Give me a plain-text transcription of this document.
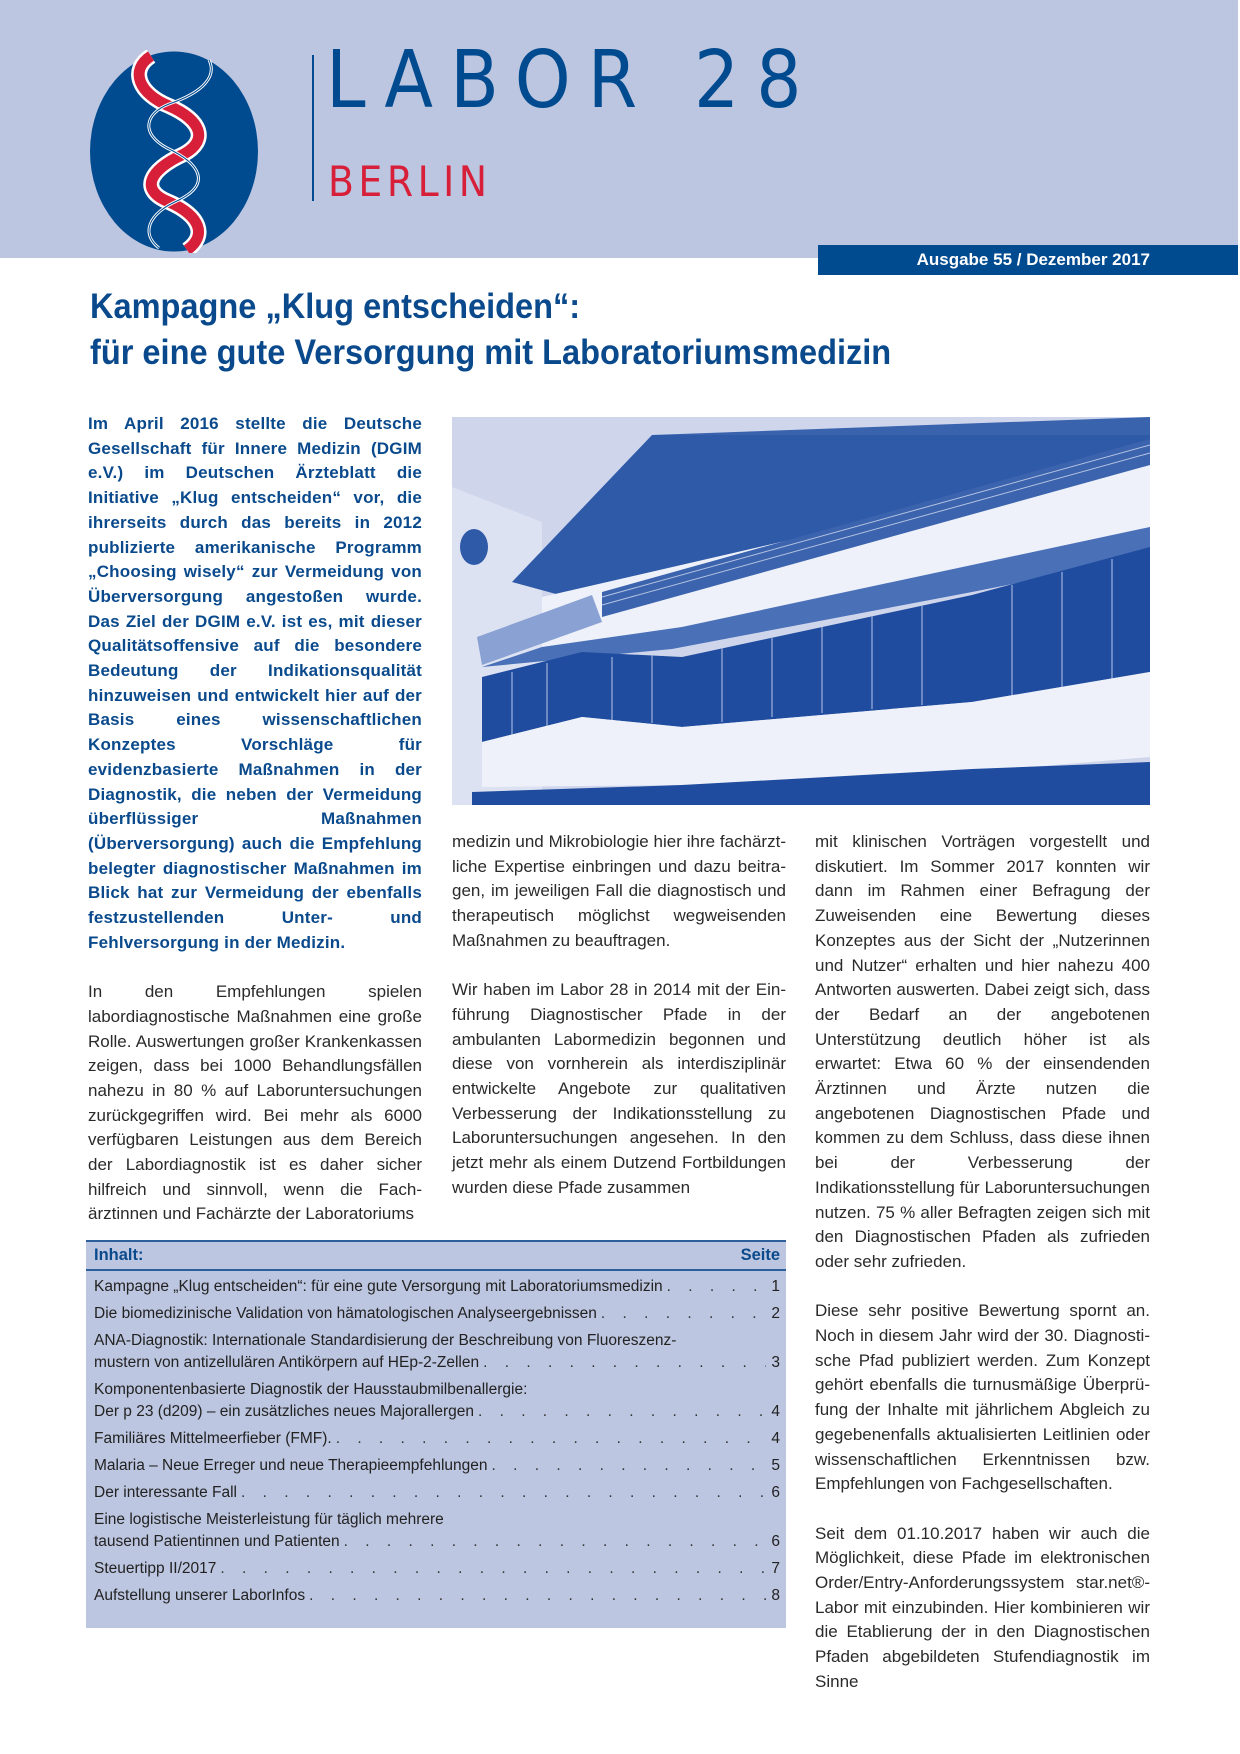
LABOR 28
BERLIN
Ausgabe 55 / Dezember 2017
Kampagne „Klug entscheiden“:
für eine gute Versorgung mit Laboratoriumsmedizin

Im April 2016 stellte die Deutsche Gesellschaft für Innere Medizin (DGIM e.V.) im Deutschen Ärzteblatt die Initiative „Klug entscheiden“ vor, die ihrerseits durch das bereits in 2012 publizierte amerikanische Programm „Choosing wisely“ zur Vermeidung von Überversorgung angestoßen wurde. Das Ziel der DGIM e.V. ist es, mit dieser Qualitätsoffensive auf die besondere Bedeutung der Indikationsqualität hinzuweisen und entwickelt hier auf der Basis eines wissenschaftlichen Konzeptes Vorschläge für evidenzbasierte Maßnahmen in der Diagnostik, die neben der Vermeidung überflüssiger Maßnahmen (Überversorgung) auch die Empfehlung belegter diagnostischer Maßnahmen im Blick hat zur Vermeidung der ebenfalls festzustellenden Unter- und Fehlversorgung in der Medizin.

In den Empfehlungen spielen labordiagnostische Maßnahmen eine große Rolle. Auswertungen großer Krankenkassen zeigen, dass bei 1000 Behandlungsfällen nahezu in 80 % auf Laboruntersuchungen zurückgegriffen wird. Bei mehr als 6000 verfügbaren Leistungen aus dem Bereich der Labordiagnostik ist es daher sicher hilfreich und sinnvoll, wenn die Fachärztinnen und Fachärzte der Laboratoriums

medizin und Mikrobiologie hier ihre fachärztliche Expertise einbringen und dazu beitragen, im jeweiligen Fall die diagnostisch und therapeutisch möglichst wegweisenden Maßnahmen zu beauftragen.

Wir haben im Labor 28 in 2014 mit der Einführung Diagnostischer Pfade in der ambulanten Labormedizin begonnen und diese von vornherein als interdisziplinär entwickelte Angebote zur qualitativen Verbesserung der Indikationsstellung zu Laboruntersuchungen angesehen. In den jetzt mehr als einem Dutzend Fortbildungen wurden diese Pfade zusammen

mit klinischen Vorträgen vorgestellt und diskutiert. Im Sommer 2017 konnten wir dann im Rahmen einer Befragung der Zuweisenden eine Bewertung dieses Konzeptes aus der Sicht der „Nutzerinnen und Nutzer“ erhalten und hier nahezu 400 Antworten auswerten. Dabei zeigt sich, dass der Bedarf an der angebotenen Unterstützung deutlich höher ist als erwartet: Etwa 60 % der einsendenden Ärztinnen und Ärzte nutzen die angebotenen Diagnostischen Pfade und kommen zu dem Schluss, dass diese ihnen bei der Verbesserung der Indikationsstellung für Laboruntersuchungen nutzen. 75 % aller Befragten zeigen sich mit den Diagnostischen Pfaden als zufrieden oder sehr zufrieden.

Diese sehr positive Bewertung spornt an. Noch in diesem Jahr wird der 30. Diagnostische Pfad publiziert werden. Zum Konzept gehört ebenfalls die turnusmäßige Überprüfung der Inhalte mit jährlichem Abgleich zu gegebenenfalls aktualisierten Leitlinien oder wissenschaftlichen Erkenntnissen bzw. Empfehlungen von Fachgesellschaften.

Seit dem 01.10.2017 haben wir auch die Möglichkeit, diese Pfade im elektronischen Order/Entry-Anforderungssystem star.net®-Labor mit einzubinden. Hier kombinieren wir die Etablierung der in den Diagnostischen Pfaden abgebildeten Stufendiagnostik im Sinne

Inhalt:	Seite
Kampagne „Klug entscheiden“: für eine gute Versorgung mit Laboratoriumsmedizin . . .	1
Die biomedizinische Validation von hämatologischen Analyseergebnissen . . .	2
ANA-Diagnostik: Internationale Standardisierung der Beschreibung von Fluoreszenz-
mustern von antizellulären Antikörpern auf HEp-2-Zellen . . .	3
Komponentenbasierte Diagnostik der Hausstaubmilbenallergie:
Der p 23 (d209) – ein zusätzliches neues Majorallergen . . .	4
Familiäres Mittelmeerfieber (FMF). . . .	4
Malaria – Neue Erreger und neue Therapieempfehlungen . . .	5
Der interessante Fall . . .	6
Eine logistische Meisterleistung für täglich mehrere
tausend Patientinnen und Patienten . . .	6
Steuertipp II/2017 . . .	7
Aufstellung unserer LaborInfos . . .	8
